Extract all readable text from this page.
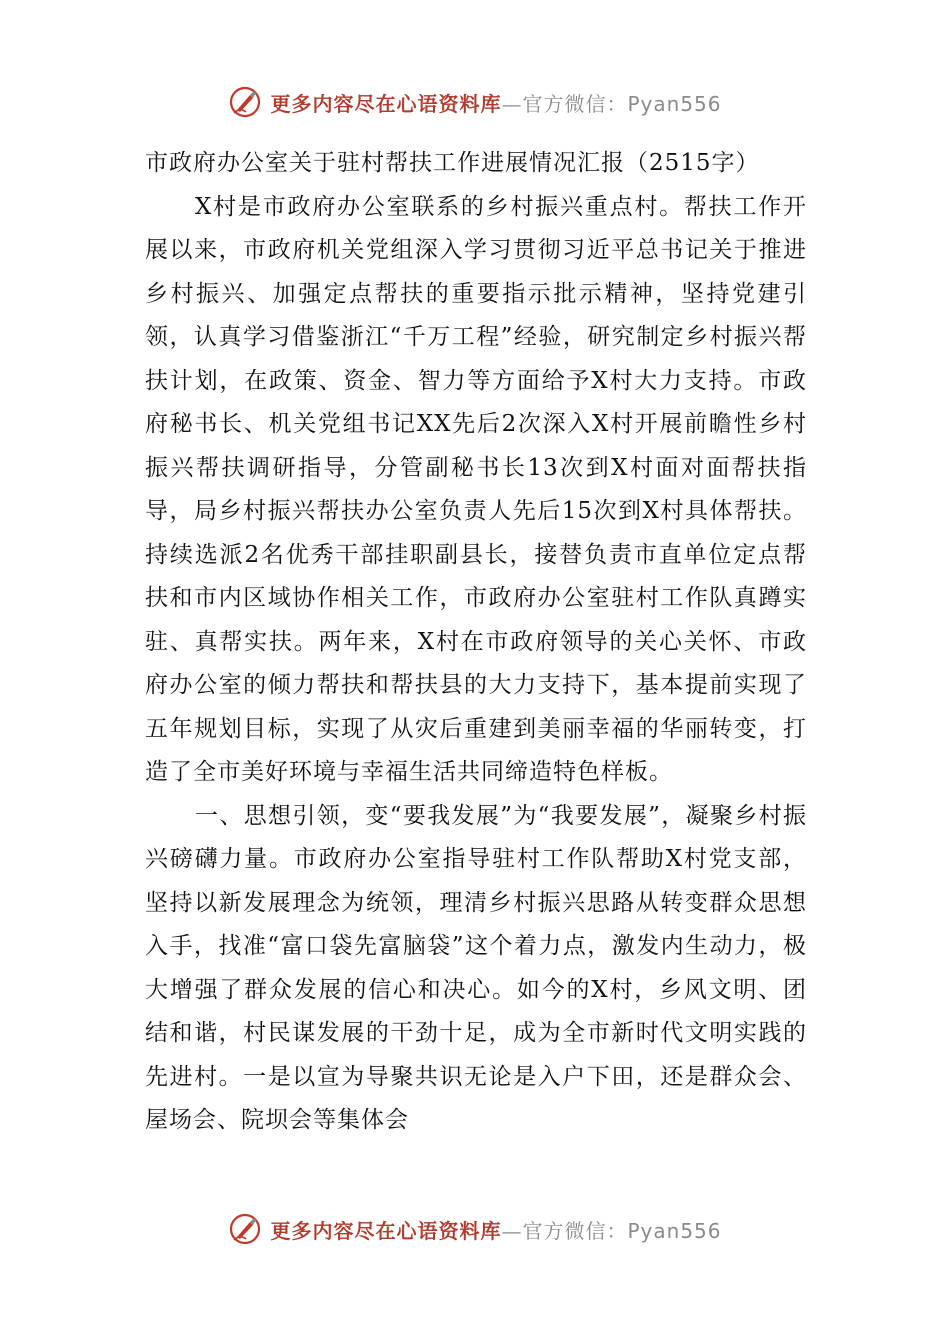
更多内容尽在心语资料库—官方微信：Pyan556

市政府办公室关于驻村帮扶工作进展情况汇报（2515字）

X村是市政府办公室联系的乡村振兴重点村。帮扶工作开展以来，市政府机关党组深入学习贯彻习近平总书记关于推进乡村振兴、加强定点帮扶的重要指示批示精神，坚持党建引领，认真学习借鉴浙江“千万工程”经验，研究制定乡村振兴帮扶计划，在政策、资金、智力等方面给予X村大力支持。市政府秘书长、机关党组书记XX先后2次深入X村开展前瞻性乡村振兴帮扶调研指导，分管副秘书长13次到X村面对面帮扶指导，局乡村振兴帮扶办公室负责人先后15次到X村具体帮扶。持续选派2名优秀干部挂职副县长，接替负责市直单位定点帮扶和市内区域协作相关工作，市政府办公室驻村工作队真蹲实驻、真帮实扶。两年来，X村在市政府领导的关心关怀、市政府办公室的倾力帮扶和帮扶县的大力支持下，基本提前实现了五年规划目标，实现了从灾后重建到美丽幸福的华丽转变，打造了全市美好环境与幸福生活共同缔造特色样板。

一、思想引领，变“要我发展”为“我要发展”，凝聚乡村振兴磅礴力量。市政府办公室指导驻村工作队帮助X村党支部，坚持以新发展理念为统领，理清乡村振兴思路从转变群众思想入手，找准“富口袋先富脑袋”这个着力点，激发内生动力，极大增强了群众发展的信心和决心。如今的X村，乡风文明、团结和谐，村民谋发展的干劲十足，成为全市新时代文明实践的先进村。一是以宣为导聚共识无论是入户下田，还是群众会、屋场会、院坝会等集体会

更多内容尽在心语资料库—官方微信：Pyan556
